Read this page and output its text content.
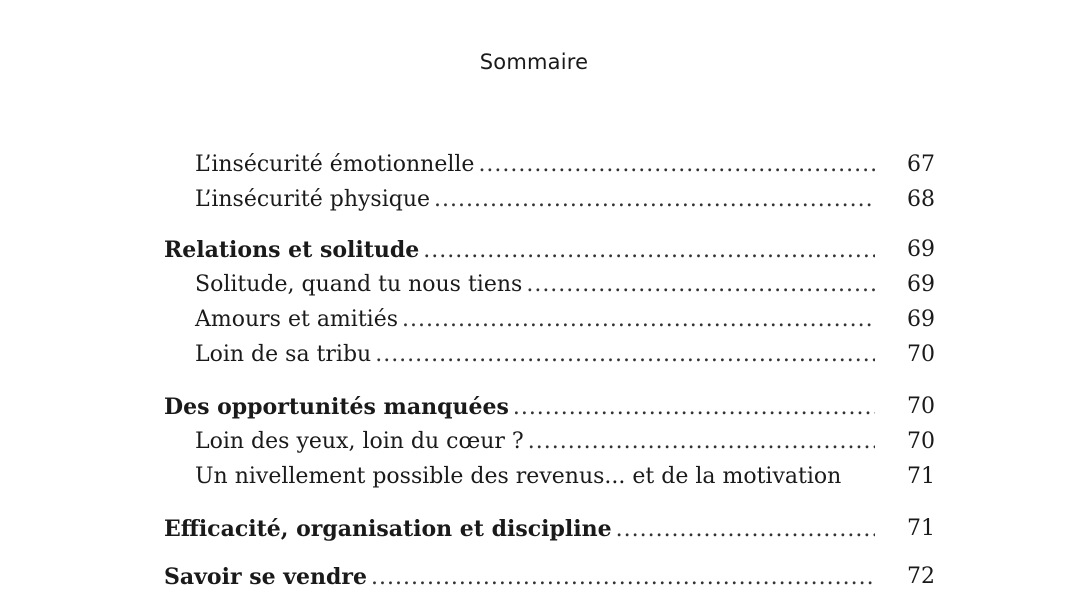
Sommaire
L’insécurité émotionnelle .....	67
L’insécurité physique .....	68
Relations et solitude .....	69
Solitude, quand tu nous tiens .....	69
Amours et amitiés .....	69
Loin de sa tribu .....	70
Des opportunités manquées .....	70
Loin des yeux, loin du cœur ? .....	70
Un nivellement possible des revenus... et de la motivation	71
Efficacité, organisation et discipline .....	71
Savoir se vendre .....	72
